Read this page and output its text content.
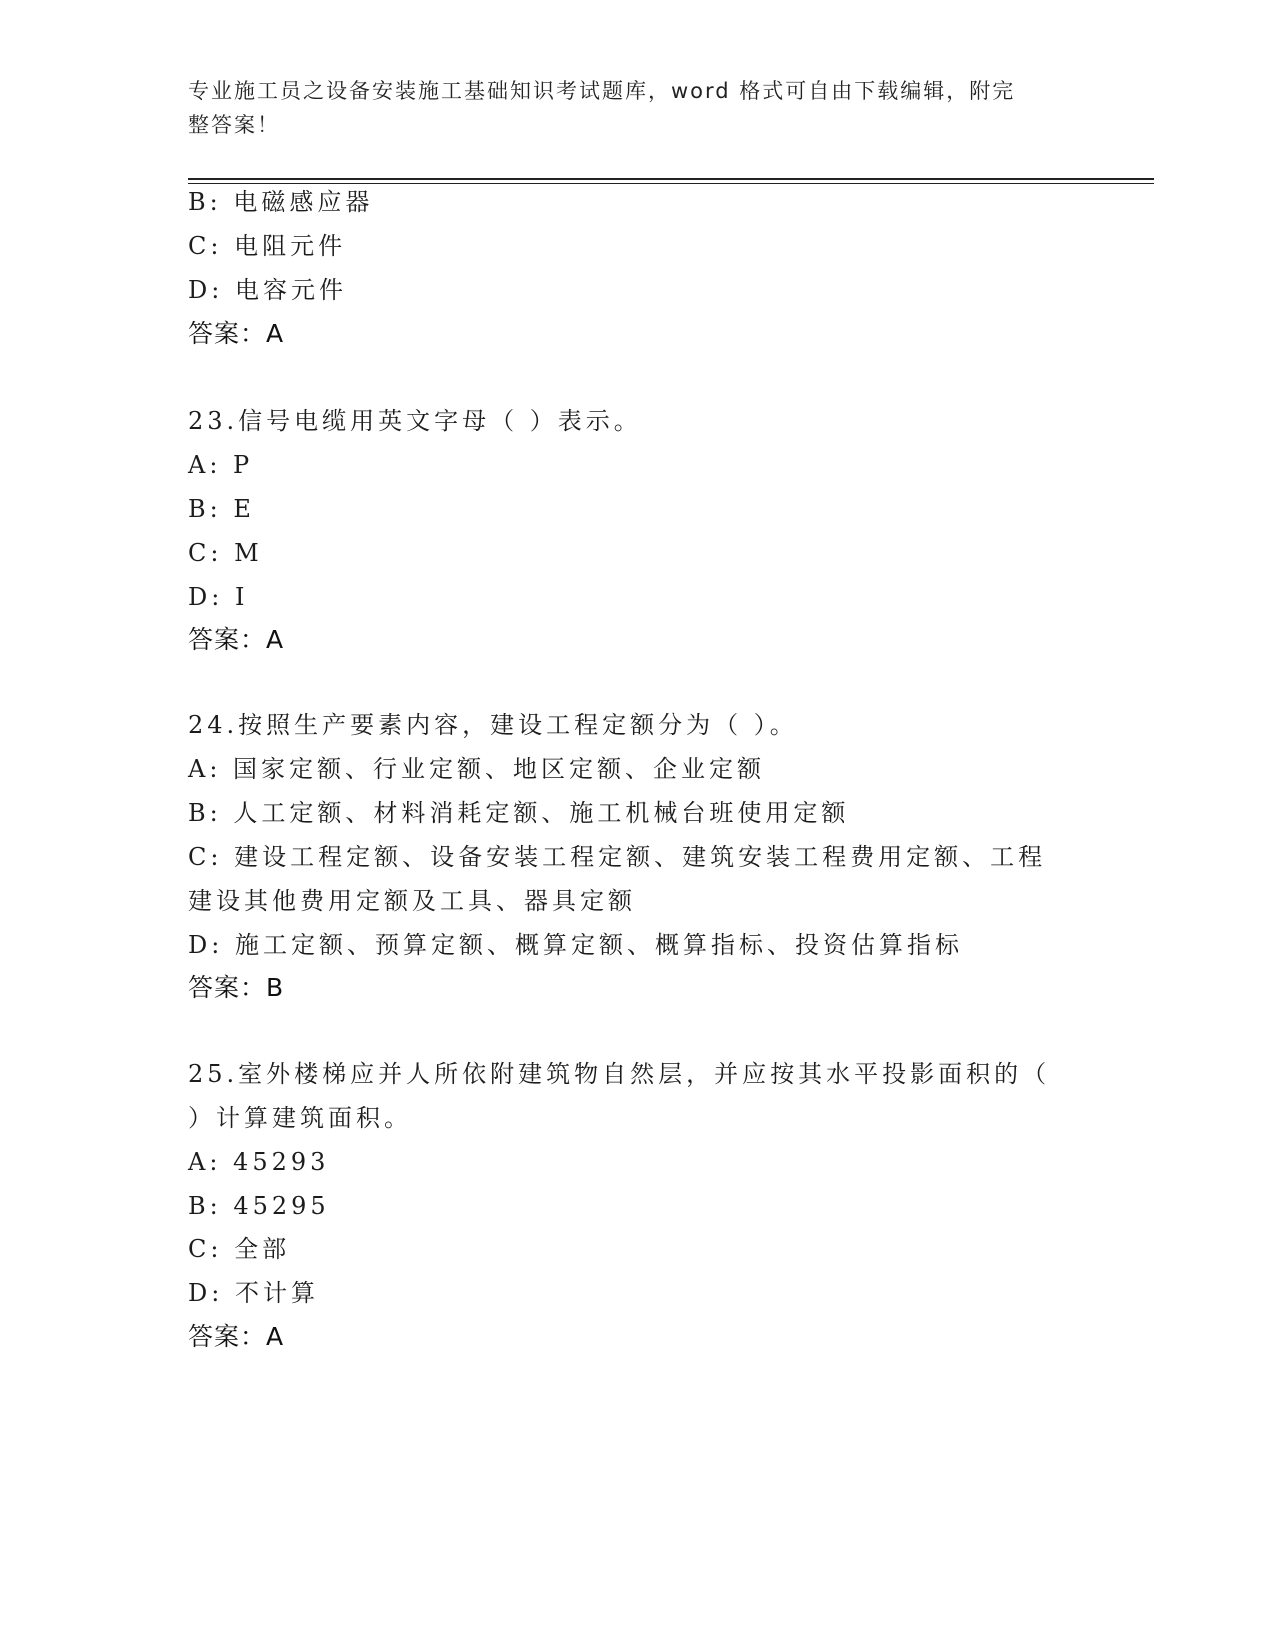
专业施工员之设备安装施工基础知识考试题库，word 格式可自由下载编辑，附完
整答案！
B: 电磁感应器
C: 电阻元件
D: 电容元件
答案：A
23.信号电缆用英文字母（ ）表示。
A: P
B: E
C: M
D: I
答案：A
24.按照生产要素内容，建设工程定额分为（ ）。
A: 国家定额、行业定额、地区定额、企业定额
B: 人工定额、材料消耗定额、施工机械台班使用定额
C: 建设工程定额、设备安装工程定额、建筑安装工程费用定额、工程
建设其他费用定额及工具、器具定额
D: 施工定额、预算定额、概算定额、概算指标、投资估算指标
答案：B
25.室外楼梯应并人所依附建筑物自然层，并应按其水平投影面积的（
）计算建筑面积。
A: 45293
B: 45295
C: 全部
D: 不计算
答案：A
